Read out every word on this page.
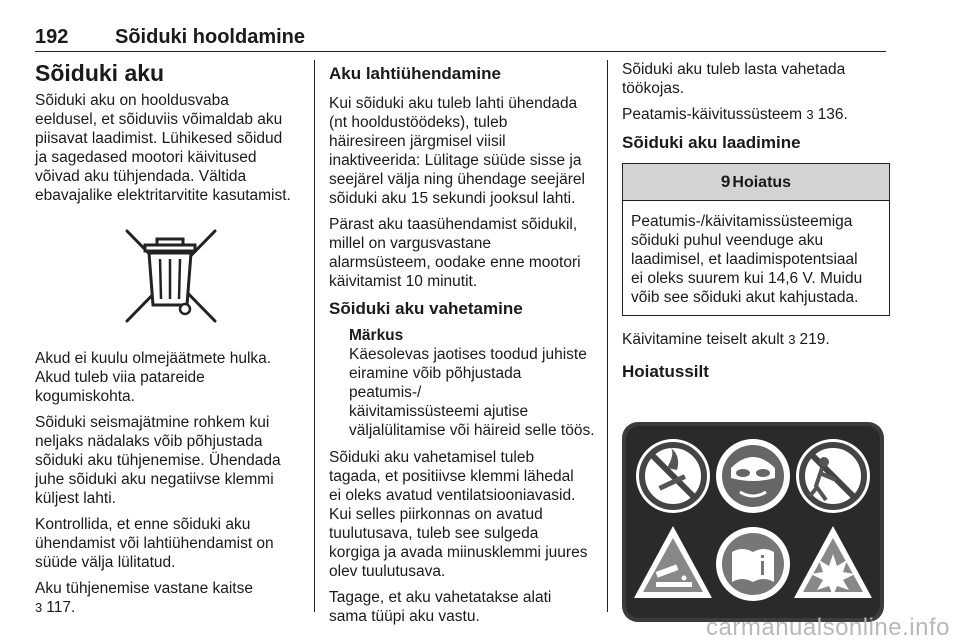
192 Sõiduki hooldamine
Sõiduki aku

Sõiduki aku on hooldusvaba
eeldusel, et sõiduviis võimaldab aku
piisavat laadimist. Lühikesed sõidud
ja sagedased mootori käivitused
võivad aku tühjendada. Vältida
ebavajalike elektritarvitite kasutamist.

Akud ei kuulu olmejäätmete hulka.
Akud tuleb viia patareide
kogumiskohta.

Sõiduki seismajätmine rohkem kui
neljaks nädalaks võib põhjustada
sõiduki aku tühjenemise. Ühendada
juhe sõiduki aku negatiivse klemmi
küljest lahti.

Kontrollida, et enne sõiduki aku
ühendamist või lahtiühendamist on
süüde välja lülitatud.

Aku tühjenemise vastane kaitse

3 117.

Aku lahtiühendamine

Kui sõiduki aku tuleb lahti ühendada
(nt hooldustöödeks), tuleb
häiresireen järgmisel viisil
inaktiveerida: Lülitage süüde sisse ja
seejärel välja ning ühendage seejärel
sõiduki aku 15 sekundi jooksul lahti.

Pärast aku taasühendamist sõidukil,
millel on vargusvastane
alarmsüsteem, oodake enne mootori
käivitamist 10 minutit.

Sõiduki aku vahetamine
Märkus

Käesolevas jaotises toodud juhiste
eiramine võib põhjustada peatumis-/
käivitamissüsteemi ajutise
väljalülitamise või häireid selle töös.

Sõiduki aku vahetamisel tuleb
tagada, et positiivse klemmi lähedal
ei oleks avatud ventilatsiooniavasid.
Kui selles piirkonnas on avatud
tuulutusava, tuleb see sulgeda
korgiga ja avada miinusklemmi juures
olev tuulutusava.

Tagage, et aku vahetatakse alati
sama tüüpi aku vastu.

Sõiduki aku tuleb lasta vahetada
töökojas.

Peatamis-käivitussüsteem 3 136.

Sõiduki aku laadimine
9 Hoiatus
Peatumis-/käivitamissüsteemiga
sõiduki puhul veenduge aku
laadimisel, et laadimispotentsiaal
ei oleks suurem kui 14,6 V. Muidu
võib see sõiduki akut kahjustada.

Käivitamine teiselt akult 3 219.

Hoiatussilt
carmanualsonline.info
